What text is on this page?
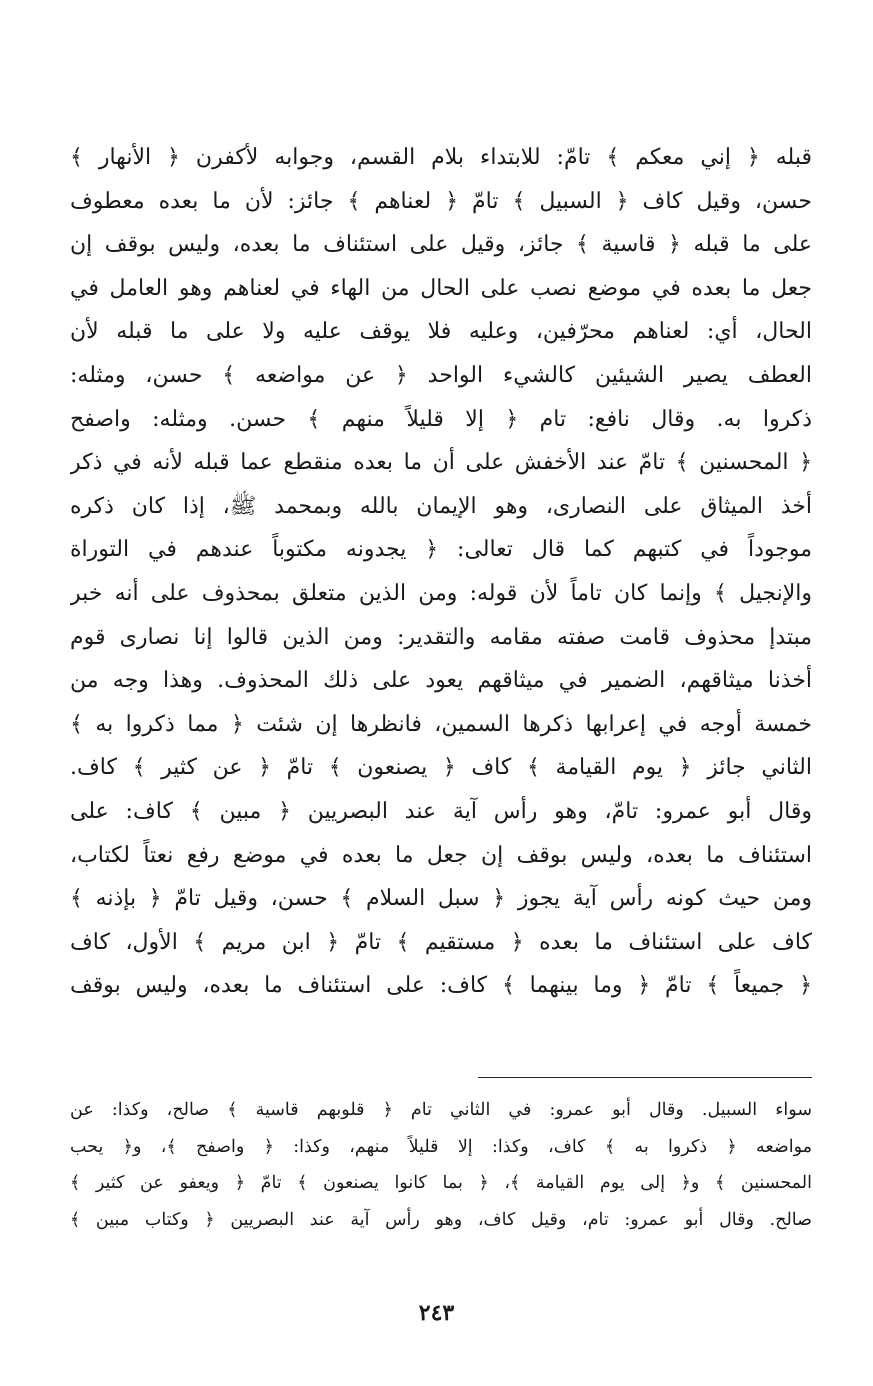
قبله ﴿ إني معكم ﴾ تامّ: للابتداء بلام القسم، وجوابه لأكفرن ﴿ الأنهار ﴾
حسن، وقيل كاف ﴿ السبيل ﴾ تامّ ﴿ لعناهم ﴾ جائز: لأن ما بعده معطوف
على ما قبله ﴿ قاسية ﴾ جائز، وقيل على استئناف ما بعده، وليس بوقف إن
جعل ما بعده في موضع نصب على الحال من الهاء في لعناهم وهو العامل في
الحال، أي: لعناهم محرّفين، وعليه فلا يوقف عليه ولا على ما قبله لأن
العطف يصير الشيئين كالشيء الواحد ﴿ عن مواضعه ﴾ حسن، ومثله:
ذكروا به. وقال نافع: تام ﴿ إلا قليلاً منهم ﴾ حسن. ومثله: واصفح
﴿ المحسنين ﴾ تامّ عند الأخفش على أن ما بعده منقطع عما قبله لأنه في ذكر
أخذ الميثاق على النصارى، وهو الإيمان بالله وبمحمد ﷺ، إذا كان ذكره
موجوداً في كتبهم كما قال تعالى: ﴿ يجدونه مكتوباً عندهم في التوراة
والإنجيل ﴾ وإنما كان تاماً لأن قوله: ومن الذين متعلق بمحذوف على أنه خبر
مبتدإ محذوف قامت صفته مقامه والتقدير: ومن الذين قالوا إنا نصارى قوم
أخذنا ميثاقهم، الضمير في ميثاقهم يعود على ذلك المحذوف. وهذا وجه من
خمسة أوجه في إعرابها ذكرها السمين، فانظرها إن شئت ﴿ مما ذكروا به ﴾
الثاني جائز ﴿ يوم القيامة ﴾ كاف ﴿ يصنعون ﴾ تامّ ﴿ عن كثير ﴾ كاف.
وقال أبو عمرو: تامّ، وهو رأس آية عند البصريين ﴿ مبين ﴾ كاف: على
استئناف ما بعده، وليس بوقف إن جعل ما بعده في موضع رفع نعتاً لكتاب،
ومن حيث كونه رأس آية يجوز ﴿ سبل السلام ﴾ حسن، وقيل تامّ ﴿ بإذنه ﴾
كاف على استئناف ما بعده ﴿ مستقيم ﴾ تامّ ﴿ ابن مريم ﴾ الأول، كاف
﴿ جميعاً ﴾ تامّ ﴿ وما بينهما ﴾ كاف: على استئناف ما بعده، وليس بوقف
سواء السبيل. وقال أبو عمرو: في الثاني تام ﴿ قلوبهم قاسية ﴾ صالح، وكذا: عن
مواضعه ﴿ ذكروا به ﴾ كاف، وكذا: إلا قليلاً منهم، وكذا: ﴿ واصفح ﴾، و﴿ يحب
المحسنين ﴾ و﴿ إلى يوم القيامة ﴾، ﴿ بما كانوا يصنعون ﴾ تامّ ﴿ ويعفو عن كثير ﴾
صالح. وقال أبو عمرو: تام، وقيل كاف، وهو رأس آية عند البصريين ﴿ وكتاب مبين ﴾
٢٤٣
